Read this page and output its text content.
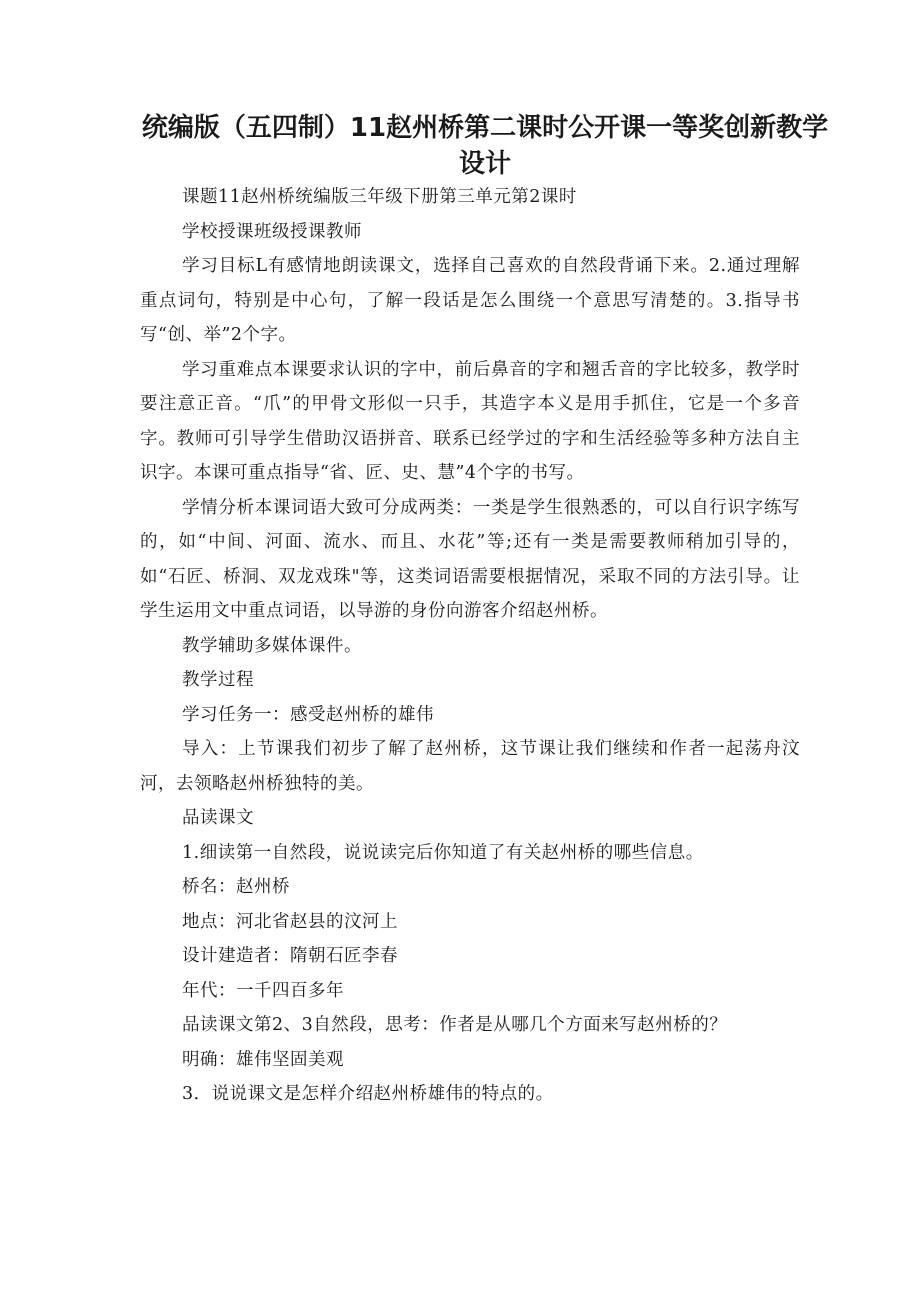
统编版（五四制）11赵州桥第二课时公开课一等奖创新教学设计

课题11赵州桥统编版三年级下册第三单元第2课时

学校授课班级授课教师

学习目标L有感情地朗读课文，选择自己喜欢的自然段背诵下来。2.通过理解重点词句，特别是中心句，了解一段话是怎么围绕一个意思写清楚的。3.指导书写“创、举”2个字。

学习重难点本课要求认识的字中，前后鼻音的字和翘舌音的字比较多，教学时要注意正音。“爪”的甲骨文形似一只手，其造字本义是用手抓住，它是一个多音字。教师可引导学生借助汉语拼音、联系已经学过的字和生活经验等多种方法自主识字。本课可重点指导“省、匠、史、慧”4个字的书写。

学情分析本课词语大致可分成两类：一类是学生很熟悉的，可以自行识字练写的，如“中间、河面、流水、而且、水花”等;还有一类是需要教师稍加引导的，如“石匠、桥洞、双龙戏珠"等，这类词语需要根据情况，采取不同的方法引导。让学生运用文中重点词语，以导游的身份向游客介绍赵州桥。

教学辅助多媒体课件。

教学过程

学习任务一：感受赵州桥的雄伟

导入：上节课我们初步了解了赵州桥，这节课让我们继续和作者一起荡舟汶河，去领略赵州桥独特的美。

品读课文

1.细读第一自然段，说说读完后你知道了有关赵州桥的哪些信息。

桥名：赵州桥

地点：河北省赵县的汶河上

设计建造者：隋朝石匠李春

年代：一千四百多年

品读课文第2、3自然段，思考：作者是从哪几个方面来写赵州桥的？

明确：雄伟坚固美观

3．说说课文是怎样介绍赵州桥雄伟的特点的。
